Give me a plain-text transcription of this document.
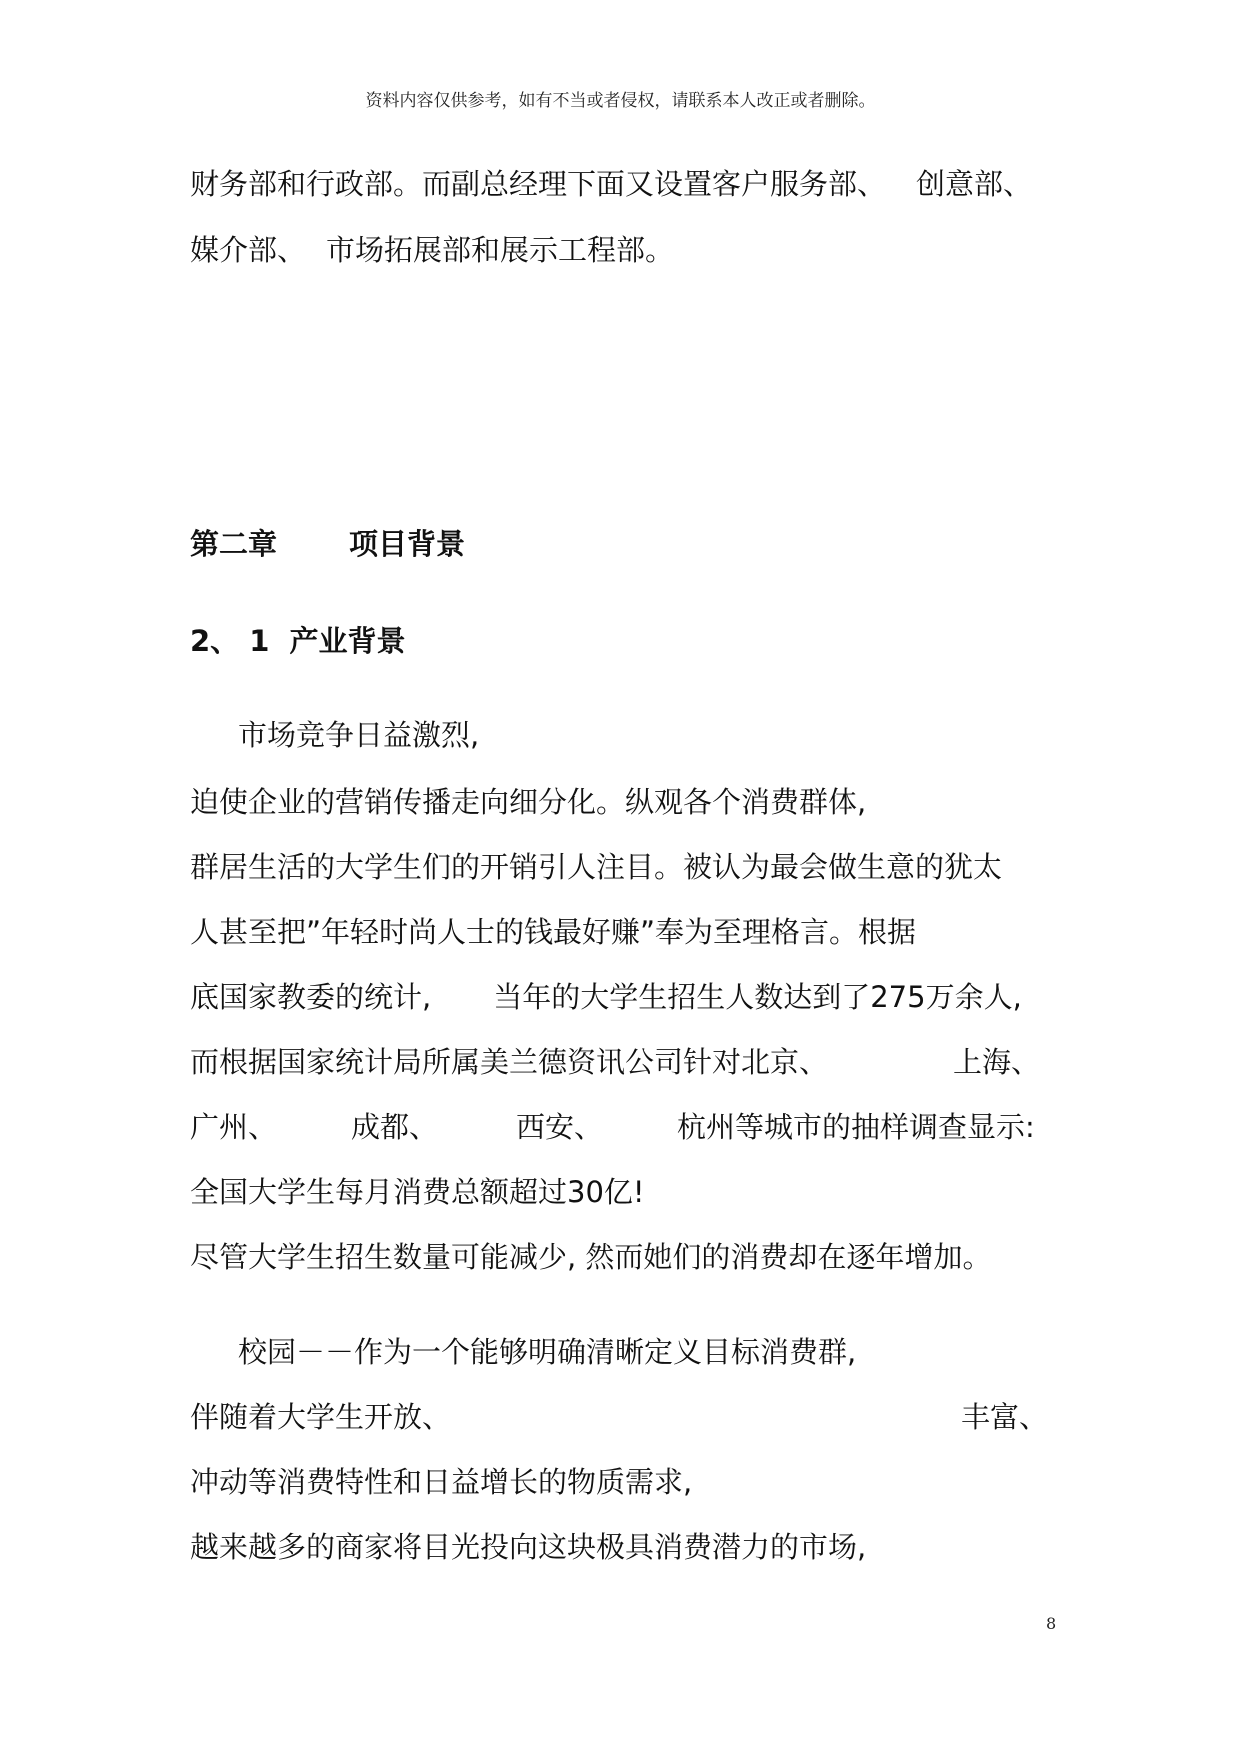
资料内容仅供参考，如有不当或者侵权，请联系本人改正或者删除。
财务部和行政部。而副总经理下面又设置客户服务部、 创意部、
媒介部、 市场拓展部和展示工程部。
第二章 项目背景
2、 1 产业背景
市场竞争日益激烈,
迫使企业的营销传播走向细分化。纵观各个消费群体,
群居生活的大学生们的开销引人注目。被认为最会做生意的犹太
人甚至把”年轻时尚人士的钱最好赚”奉为至理格言。根据
底国家教委的统计, 当年的大学生招生人数达到了275万余人,
而根据国家统计局所属美兰德资讯公司针对北京、	上海、
广州、	成都、	西安、	杭州等城市的抽样调查显示:
全国大学生每月消费总额超过30亿!
尽管大学生招生数量可能减少, 然而她们的消费却在逐年增加。
校园－－作为一个能够明确清晰定义目标消费群,
伴随着大学生开放、	丰富、
冲动等消费特性和日益增长的物质需求,
越来越多的商家将目光投向这块极具消费潜力的市场,
8
